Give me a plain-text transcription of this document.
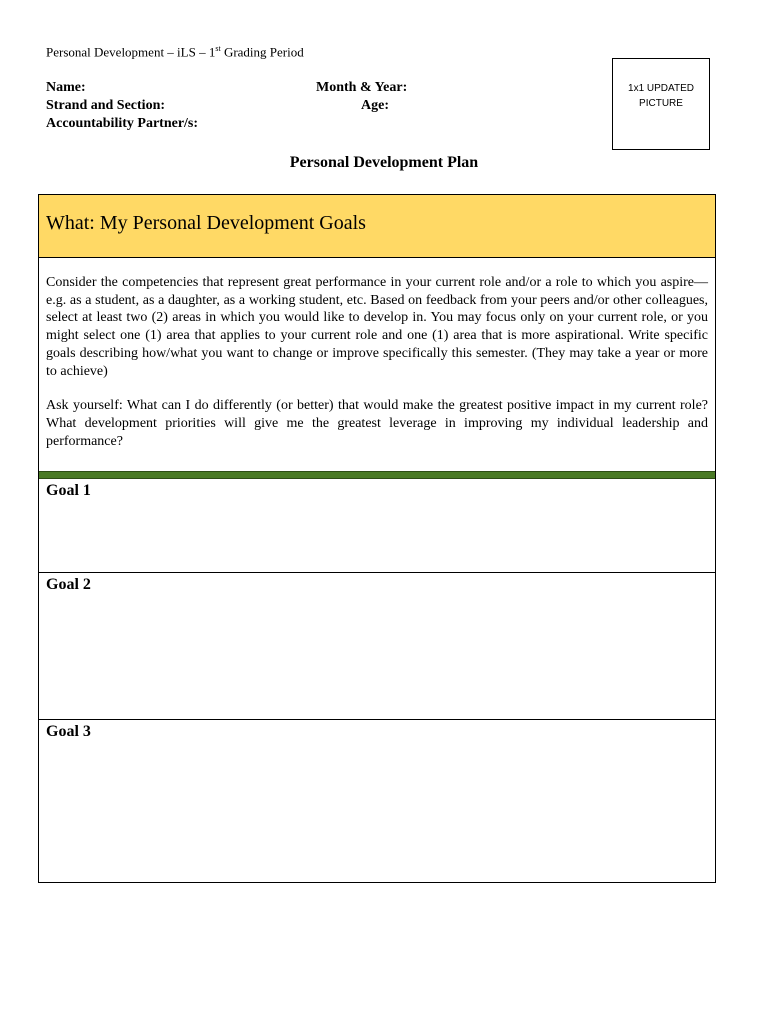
Personal Development – iLS – 1st Grading Period
Name:	Month & Year:
Strand and Section:	Age:
Accountability Partner/s:
1x1 UPDATED
PICTURE
Personal Development Plan
What: My Personal Development Goals

Consider the competencies that represent great performance in your current role and/or a role to which you aspire—e.g. as a student, as a daughter, as a working student, etc. Based on feedback from your peers and/or other colleagues, select at least two (2) areas in which you would like to develop in. You may focus only on your current role, or you might select one (1) area that applies to your current role and one (1) area that is more aspirational. Write specific goals describing how/what you want to change or improve specifically this semester. (They may take a year or more to achieve)

Ask yourself: What can I do differently (or better) that would make the greatest positive impact in my current role? What development priorities will give me the greatest leverage in improving my individual leadership and performance?

Goal 1
Goal 2
Goal 3
